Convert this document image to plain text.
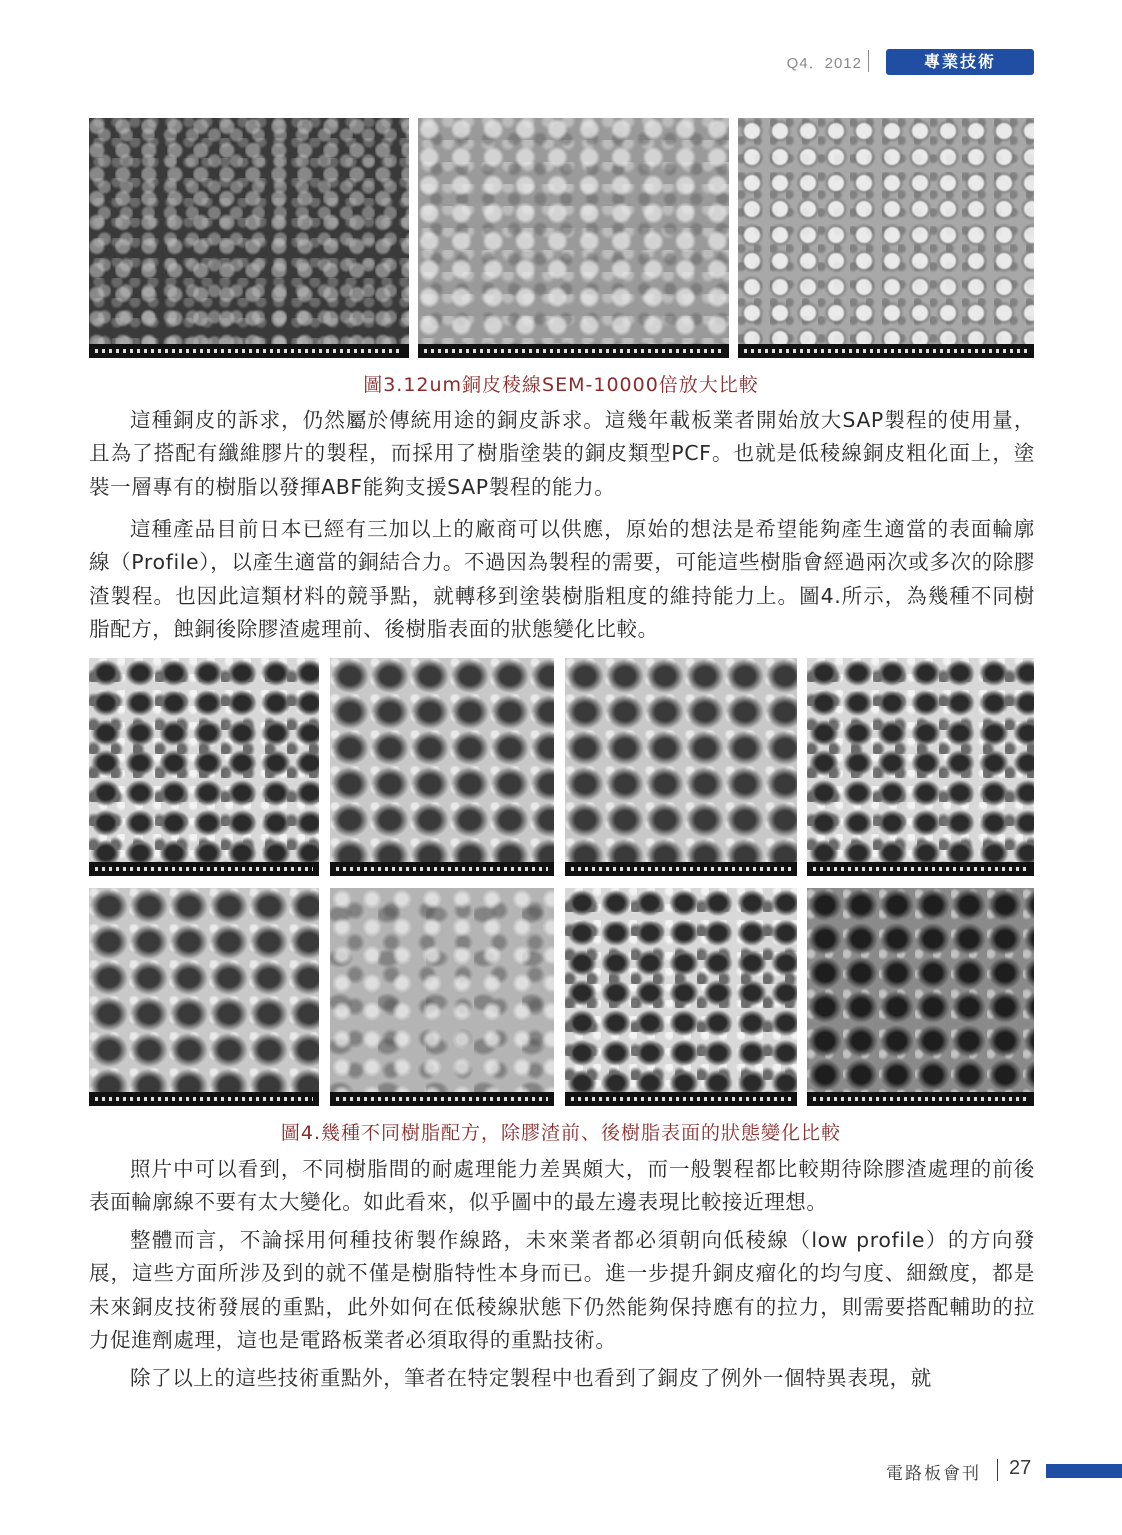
Q4．2012	專業技術
圖3.12um銅皮稜線SEM-10000倍放大比較

這種銅皮的訴求，仍然屬於傳統用途的銅皮訴求。這幾年載板業者開始放大SAP製程的使用量，且為了搭配有纖維膠片的製程，而採用了樹脂塗裝的銅皮類型PCF。也就是低稜線銅皮粗化面上，塗裝一層專有的樹脂以發揮ABF能夠支援SAP製程的能力。

這種產品目前日本已經有三加以上的廠商可以供應，原始的想法是希望能夠產生適當的表面輪廓線（Profile），以產生適當的銅結合力。不過因為製程的需要，可能這些樹脂會經過兩次或多次的除膠渣製程。也因此這類材料的競爭點，就轉移到塗裝樹脂粗度的維持能力上。圖4.所示，為幾種不同樹脂配方，蝕銅後除膠渣處理前、後樹脂表面的狀態變化比較。

圖4.幾種不同樹脂配方，除膠渣前、後樹脂表面的狀態變化比較

照片中可以看到，不同樹脂間的耐處理能力差異頗大，而一般製程都比較期待除膠渣處理的前後表面輪廓線不要有太大變化。如此看來，似乎圖中的最左邊表現比較接近理想。

整體而言，不論採用何種技術製作線路，未來業者都必須朝向低稜線（low profile）的方向發展，這些方面所涉及到的就不僅是樹脂特性本身而已。進一步提升銅皮瘤化的均勻度、細緻度，都是未來銅皮技術發展的重點，此外如何在低稜線狀態下仍然能夠保持應有的拉力，則需要搭配輔助的拉力促進劑處理，這也是電路板業者必須取得的重點技術。

除了以上的這些技術重點外，筆者在特定製程中也看到了銅皮了例外一個特異表現，就

電路板會刊 27
